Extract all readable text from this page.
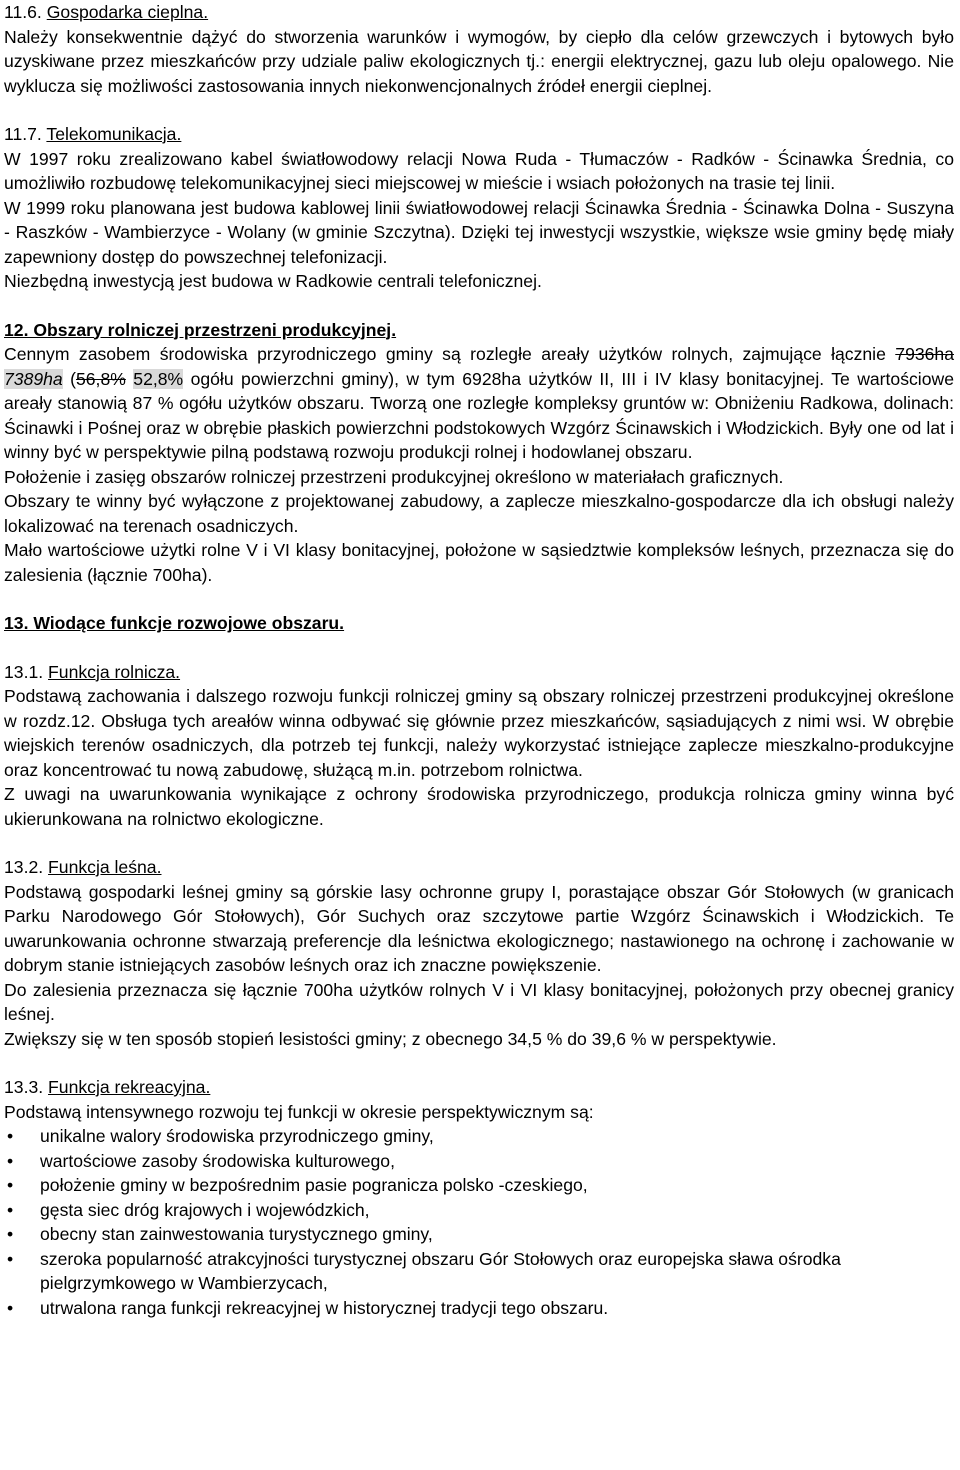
11.6. Gospodarka cieplna.

Należy konsekwentnie dążyć do stworzenia warunków i wymogów, by ciepło dla celów grzewczych i bytowych było uzyskiwane przez mieszkańców przy udziale paliw ekologicznych tj.: energii elektrycznej, gazu lub oleju opalowego. Nie wyklucza się możliwości zastosowania innych niekonwencjonalnych źródeł energii cieplnej.

11.7. Telekomunikacja.

W 1997 roku zrealizowano kabel światłowodowy relacji Nowa Ruda - Tłumaczów - Radków - Ścinawka Średnia, co umożliwiło rozbudowę telekomunikacyjnej sieci miejscowej w mieście i wsiach położonych na trasie tej linii.

W 1999 roku planowana jest budowa kablowej linii światłowodowej relacji Ścinawka Średnia - Ścinawka Dolna - Suszyna - Raszków - Wambierzyce - Wolany (w gminie Szczytna). Dzięki tej inwestycji wszystkie, większe wsie gminy będę miały zapewniony dostęp do powszechnej telefonizacji.

Niezbędną inwestycją jest budowa w Radkowie centrali telefonicznej.

12. Obszary rolniczej przestrzeni produkcyjnej.

Cennym zasobem środowiska przyrodniczego gminy są rozległe areały użytków rolnych, zajmujące łącznie 7936ha 7389ha (56,8% 52,8% ogółu powierzchni gminy), w tym 6928ha użytków II, III i IV klasy bonitacyjnej. Te wartościowe areały stanowią 87 % ogółu użytków obszaru. Tworzą one rozległe kompleksy gruntów w: Obniżeniu Radkowa, dolinach: Ścinawki i Pośnej oraz w obrębie płaskich powierzchni podstokowych Wzgórz Ścinawskich i Włodzickich. Były one od lat i winny być w perspektywie pilną podstawą rozwoju produkcji rolnej i hodowlanej obszaru.

Położenie i zasięg obszarów rolniczej przestrzeni produkcyjnej określono w materiałach graficznych.

Obszary te winny być wyłączone z projektowanej zabudowy, a zaplecze mieszkalno-gospodarcze dla ich obsługi należy lokalizować na terenach osadniczych.

Mało wartościowe użytki rolne V i VI klasy bonitacyjnej, położone w sąsiedztwie kompleksów leśnych, przeznacza się do zalesienia (łącznie 700ha).

13. Wiodące funkcje rozwojowe obszaru.

13.1. Funkcja rolnicza.

Podstawą zachowania i dalszego rozwoju funkcji rolniczej gminy są obszary rolniczej przestrzeni produkcyjnej określone w rozdz.12. Obsługa tych areałów winna odbywać się głównie przez mieszkańców, sąsiadujących z nimi wsi. W obrębie wiejskich terenów osadniczych, dla potrzeb tej funkcji, należy wykorzystać istniejące zaplecze mieszkalno-produkcyjne oraz koncentrować tu nową zabudowę, służącą m.in. potrzebom rolnictwa.

Z uwagi na uwarunkowania wynikające z ochrony środowiska przyrodniczego, produkcja rolnicza gminy winna być ukierunkowana na rolnictwo ekologiczne.

13.2. Funkcja leśna.

Podstawą gospodarki leśnej gminy są górskie lasy ochronne grupy I, porastające obszar Gór Stołowych (w granicach Parku Narodowego Gór Stołowych), Gór Suchych oraz szczytowe partie Wzgórz Ścinawskich i Włodzickich. Te uwarunkowania ochronne stwarzają preferencje dla leśnictwa ekologicznego; nastawionego na ochronę i zachowanie w dobrym stanie istniejących zasobów leśnych oraz ich znaczne powiększenie.

Do zalesienia przeznacza się łącznie 700ha użytków rolnych V i VI klasy bonitacyjnej, położonych przy obecnej granicy leśnej.

Zwiększy się w ten sposób stopień lesistości gminy; z obecnego 34,5 % do 39,6 % w perspektywie.

13.3. Funkcja rekreacyjna.

Podstawą intensywnego rozwoju tej funkcji w okresie perspektywicznym są:

• unikalne walory środowiska przyrodniczego gminy,
• wartościowe zasoby środowiska kulturowego,
• położenie gminy w bezpośrednim pasie pogranicza polsko -czeskiego,
• gęsta siec dróg krajowych i wojewódzkich,
• obecny stan zainwestowania turystycznego gminy,
• szeroka popularność atrakcyjności turystycznej obszaru Gór Stołowych oraz europejska sława ośrodka pielgrzymkowego w Wambierzycach,
• utrwalona ranga funkcji rekreacyjnej w historycznej tradycji tego obszaru.
